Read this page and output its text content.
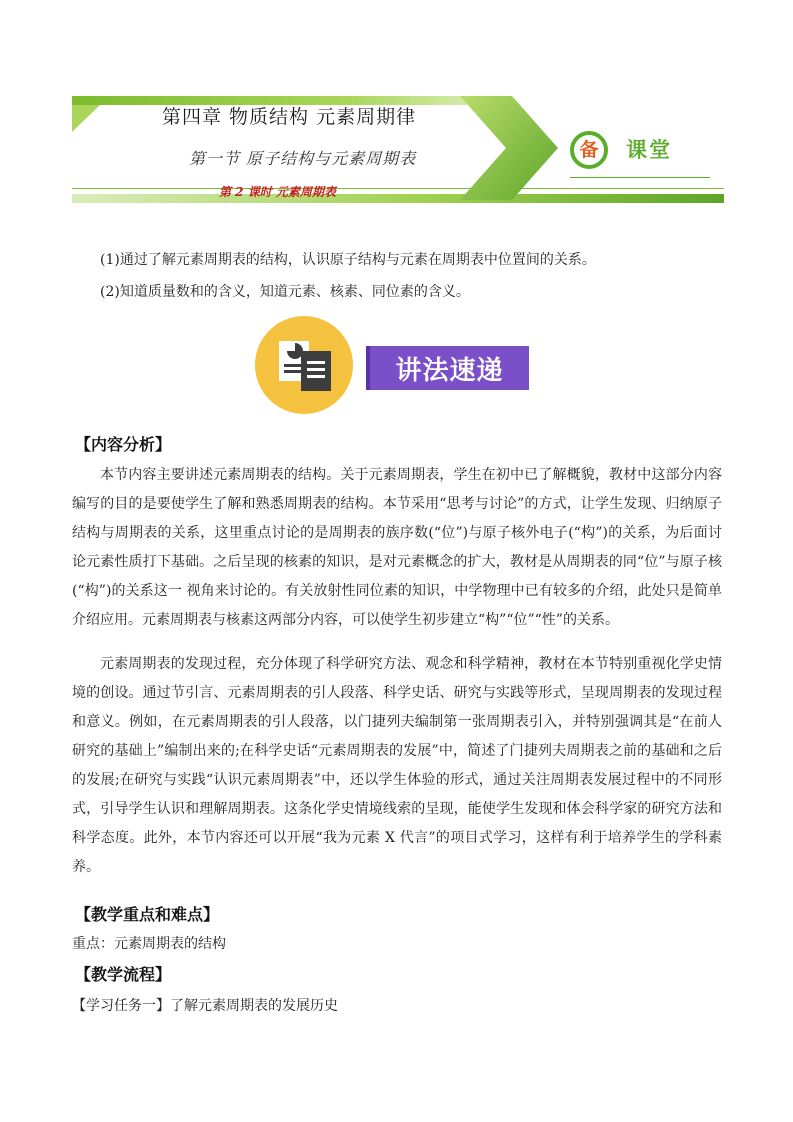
第四章 物质结构 元素周期律
第一节 原子结构与元素周期表
第 2 课时 元素周期表
备	课堂

(1)通过了解元素周期表的结构，认识原子结构与元素在周期表中位置间的关系。

(2)知道质量数和的含义，知道元素、核素、同位素的含义。

讲法速递
【内容分析】

本节内容主要讲述元素周期表的结构。关于元素周期表，学生在初中已了解概貌，教材中这部分内容编写的目的是要使学生了解和熟悉周期表的结构。本节采用“思考与讨论”的方式，让学生发现、归纳原子结构与周期表的关系，这里重点讨论的是周期表的族序数(“位”)与原子核外电子(“构”)的关系，为后面讨论元素性质打下基础。之后呈现的核素的知识，是对元素概念的扩大，教材是从周期表的同“位”与原子核(“构”)的关系这一 视角来讨论的。有关放射性同位素的知识，中学物理中已有较多的介绍，此处只是简单介绍应用。元素周期表与核素这两部分内容，可以使学生初步建立“构”“位”“性”的关系。

元素周期表的发现过程，充分体现了科学研究方法、观念和科学精神，教材在本节特别重视化学史情境的创设。通过节引言、元素周期表的引人段落、科学史话、研究与实践等形式，呈现周期表的发现过程和意义。例如，在元素周期表的引人段落，以门捷列夫编制第一张周期表引入，并特别强调其是“在前人研究的基础上”编制出来的;在科学史话“元素周期表的发展”中，简述了门捷列夫周期表之前的基础和之后的发展;在研究与实践“认识元素周期表”中，还以学生体验的形式，通过关注周期表发展过程中的不同形式，引导学生认识和理解周期表。这条化学史情境线索的呈现，能使学生发现和体会科学家的研究方法和科学态度。此外，本节内容还可以开展“我为元素 X 代言”的项目式学习，这样有利于培养学生的学科素养。

【教学重点和难点】
重点：元素周期表的结构
【教学流程】
【学习任务一】了解元素周期表的发展历史
